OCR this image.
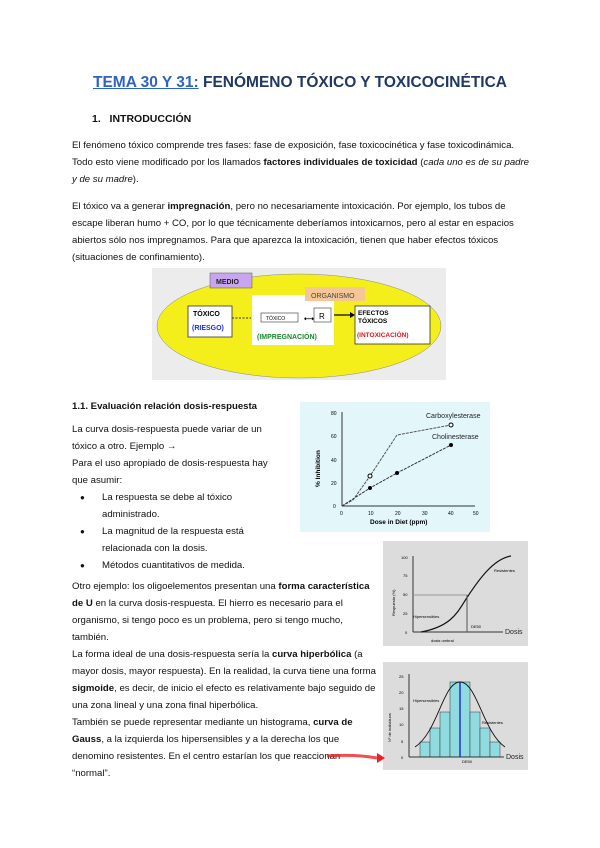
TEMA 30 Y 31: FENÓMENO TÓXICO Y TOXICOCINÉTICA
1. INTRODUCCIÓN
El fenómeno tóxico comprende tres fases: fase de exposición, fase toxicocinética y fase toxicodinámica. Todo esto viene modificado por los llamados factores individuales de toxicidad (cada uno es de su padre y de su madre).
El tóxico va a generar impregnación, pero no necesariamente intoxicación. Por ejemplo, los tubos de escape liberan humo + CO, por lo que técnicamente deberíamos intoxicarnos, pero al estar en espacios abiertos sólo nos impregnamos. Para que aparezca la intoxicación, tienen que haber efectos tóxicos (situaciones de confinamiento).
MEDIO
ORGANISMO
TÓXICO
(RIESGO)
TÓXICO	⟷ R
(IMPREGNACIÓN)
EFECTOS
TÓXICOS
(INTOXICACIÓN)
1.1. Evaluación relación dosis-respuesta
La curva dosis-respuesta puede variar de un tóxico a otro. Ejemplo →
Para el uso apropiado de dosis-respuesta hay que asumir:
● La respuesta se debe al tóxico administrado.
● La magnitud de la respuesta está relacionada con la dosis.
● Métodos cuantitativos de medida.
0
20
40
60
80
0	10	20	30	40	50
Dose in Diet (ppm)
% Inhibition
Carboxylesterase
Cholinesterase
Otro ejemplo: los oligoelementos presentan una forma característica de U en la curva dosis-respuesta. El hierro es necesario para el organismo, si tengo poco es un problema, pero si tengo mucho, también.
La forma ideal de una dosis-respuesta sería la curva hiperbólica (a mayor dosis, mayor respuesta). En la realidad, la curva tiene una forma sigmoide, es decir, de inicio el efecto es relativamente bajo seguido de una zona lineal y una zona final hiperbólica.
También se puede representar mediante un histograma, curva de Gauss, a la izquierda los hipersensibles y a la derecha los que denomino resistentes. En el centro estarían los que reaccionan “normal”.
0
25
50
75
100
Respuesta (%)
Hipersensibles
Resistentes
DE50
dosis umbral
Dosis
0
5
10
15
20
25
Nº de individuos
Hipersensibles
Resistentes
DE50
Dosis
